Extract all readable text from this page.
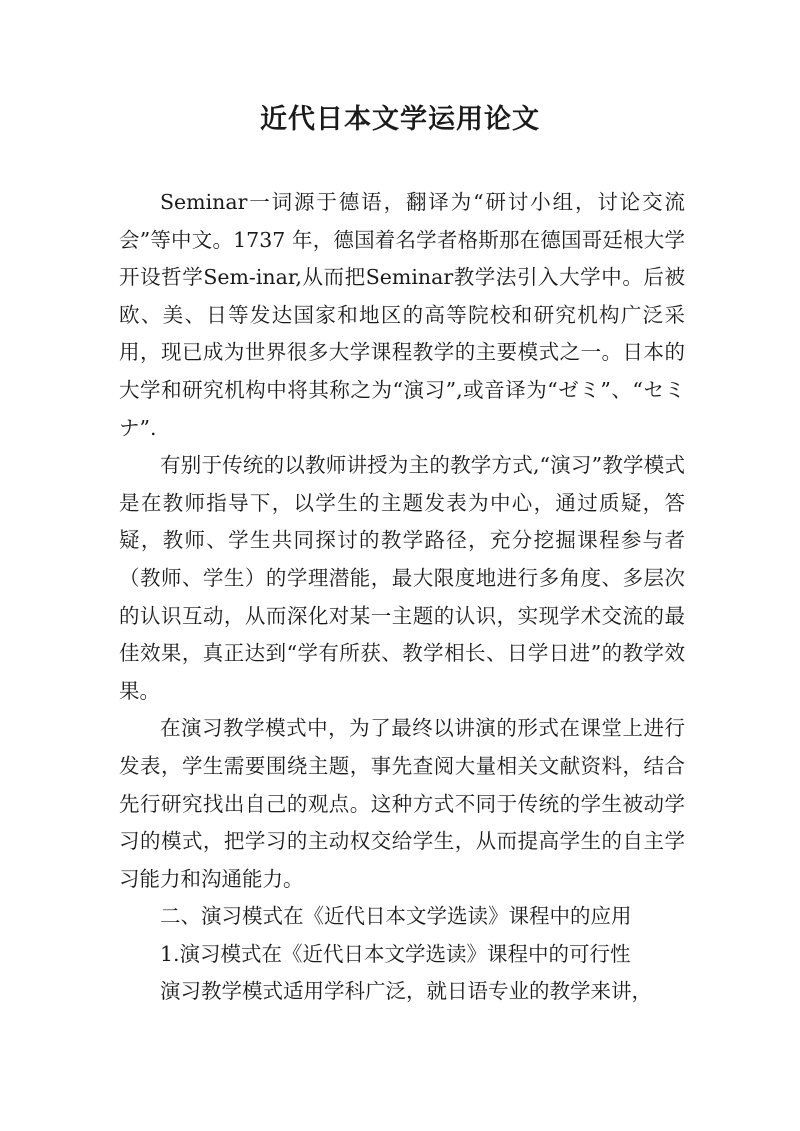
近代日本文学运用论文

Seminar一词源于德语，翻译为“研讨小组，讨论交流会”等中文。1737 年，德国着名学者格斯那在德国哥廷根大学开设哲学Sem-inar,从而把Seminar教学法引入大学中。后被欧、美、日等发达国家和地区的高等院校和研究机构广泛采用，现已成为世界很多大学课程教学的主要模式之一。日本的大学和研究机构中将其称之为“演习”,或音译为“ゼミ”、“セミナ”.

有别于传统的以教师讲授为主的教学方式,“演习”教学模式是在教师指导下，以学生的主题发表为中心，通过质疑，答疑，教师、学生共同探讨的教学路径，充分挖掘课程参与者（教师、学生）的学理潜能，最大限度地进行多角度、多层次的认识互动，从而深化对某一主题的认识，实现学术交流的最佳效果，真正达到“学有所获、教学相长、日学日进”的教学效果。

在演习教学模式中，为了最终以讲演的形式在课堂上进行发表，学生需要围绕主题，事先查阅大量相关文献资料，结合先行研究找出自己的观点。这种方式不同于传统的学生被动学习的模式，把学习的主动权交给学生，从而提高学生的自主学习能力和沟通能力。

二、演习模式在《近代日本文学选读》课程中的应用

1.演习模式在《近代日本文学选读》课程中的可行性

演习教学模式适用学科广泛，就日语专业的教学来讲，
